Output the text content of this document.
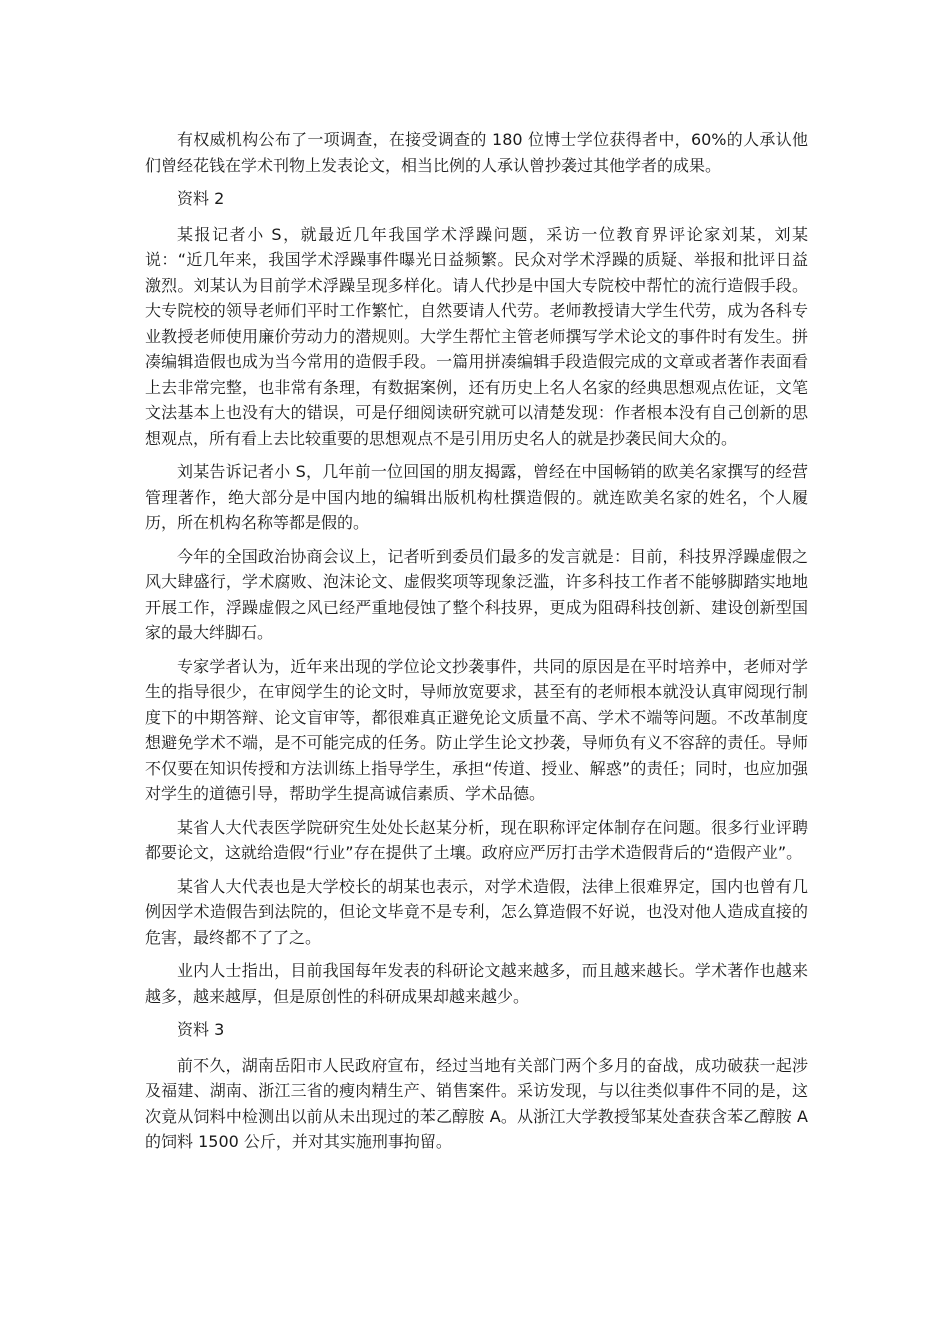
有权威机构公布了一项调查，在接受调查的 180 位博士学位获得者中，60%的人承认他们曾经花钱在学术刊物上发表论文，相当比例的人承认曾抄袭过其他学者的成果。

资料 2

某报记者小 S，就最近几年我国学术浮躁问题，采访一位教育界评论家刘某，刘某说：“近几年来，我国学术浮躁事件曝光日益频繁。民众对学术浮躁的质疑、举报和批评日益激烈。刘某认为目前学术浮躁呈现多样化。请人代抄是中国大专院校中帮忙的流行造假手段。大专院校的领导老师们平时工作繁忙，自然要请人代劳。老师教授请大学生代劳，成为各科专业教授老师使用廉价劳动力的潜规则。大学生帮忙主管老师撰写学术论文的事件时有发生。拼凑编辑造假也成为当今常用的造假手段。一篇用拼凑编辑手段造假完成的文章或者著作表面看上去非常完整，也非常有条理，有数据案例，还有历史上名人名家的经典思想观点佐证，文笔文法基本上也没有大的错误，可是仔细阅读研究就可以清楚发现：作者根本没有自己创新的思想观点，所有看上去比较重要的思想观点不是引用历史名人的就是抄袭民间大众的。

刘某告诉记者小 S，几年前一位回国的朋友揭露，曾经在中国畅销的欧美名家撰写的经营管理著作，绝大部分是中国内地的编辑出版机构杜撰造假的。就连欧美名家的姓名，个人履历，所在机构名称等都是假的。

今年的全国政治协商会议上，记者听到委员们最多的发言就是：目前，科技界浮躁虚假之风大肆盛行，学术腐败、泡沫论文、虚假奖项等现象泛滥，许多科技工作者不能够脚踏实地地开展工作，浮躁虚假之风已经严重地侵蚀了整个科技界，更成为阻碍科技创新、建设创新型国家的最大绊脚石。

专家学者认为，近年来出现的学位论文抄袭事件，共同的原因是在平时培养中，老师对学生的指导很少，在审阅学生的论文时，导师放宽要求，甚至有的老师根本就没认真审阅现行制度下的中期答辩、论文盲审等，都很难真正避免论文质量不高、学术不端等问题。不改革制度想避免学术不端，是不可能完成的任务。防止学生论文抄袭，导师负有义不容辞的责任。导师不仅要在知识传授和方法训练上指导学生，承担“传道、授业、解惑”的责任；同时，也应加强对学生的道德引导，帮助学生提高诚信素质、学术品德。

某省人大代表医学院研究生处处长赵某分析，现在职称评定体制存在问题。很多行业评聘都要论文，这就给造假“行业”存在提供了土壤。政府应严厉打击学术造假背后的“造假产业”。

某省人大代表也是大学校长的胡某也表示，对学术造假，法律上很难界定，国内也曾有几例因学术造假告到法院的，但论文毕竟不是专利，怎么算造假不好说，也没对他人造成直接的危害，最终都不了了之。

业内人士指出，目前我国每年发表的科研论文越来越多，而且越来越长。学术著作也越来越多，越来越厚，但是原创性的科研成果却越来越少。

资料 3

前不久，湖南岳阳市人民政府宣布，经过当地有关部门两个多月的奋战，成功破获一起涉及福建、湖南、浙江三省的瘦肉精生产、销售案件。采访发现，与以往类似事件不同的是，这次竟从饲料中检测出以前从未出现过的苯乙醇胺 A。从浙江大学教授邹某处查获含苯乙醇胺 A 的饲料 1500 公斤，并对其实施刑事拘留。
